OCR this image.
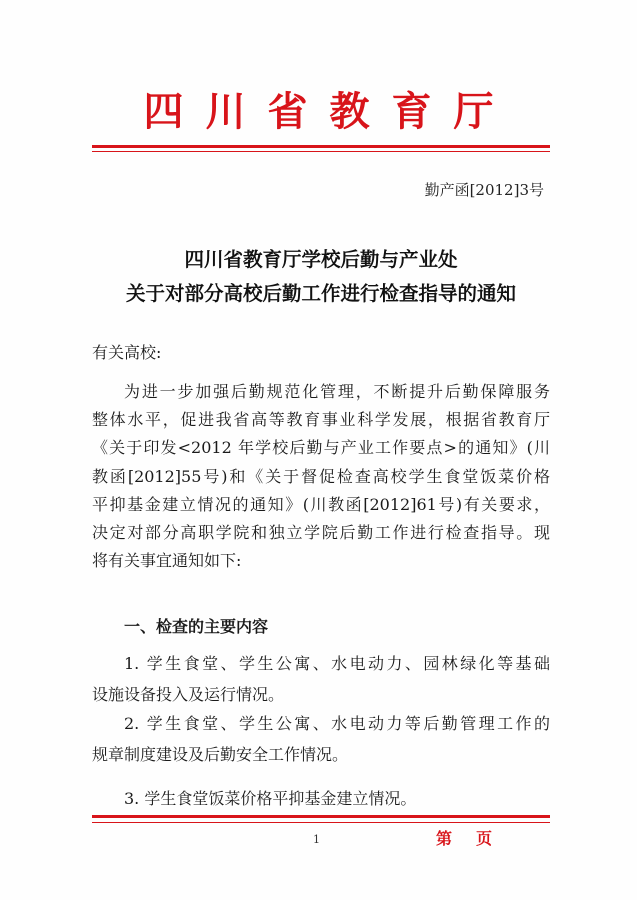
四川省教育厅
勤产函[2012]3号
四川省教育厅学校后勤与产业处
关于对部分高校后勤工作进行检查指导的通知
有关高校:
为进一步加强后勤规范化管理，不断提升后勤保障服务
整体水平，促进我省高等教育事业科学发展，根据省教育厅
《关于印发<2012 年学校后勤与产业工作要点>的通知》(川
教函[2012]55号)和《关于督促检查高校学生食堂饭菜价格
平抑基金建立情况的通知》(川教函[2012]61号)有关要求，
决定对部分高职学院和独立学院后勤工作进行检查指导。现
将有关事宜通知如下:
一、检查的主要内容
1. 学生食堂、学生公寓、水电动力、园林绿化等基础
设施设备投入及运行情况。
2. 学生食堂、学生公寓、水电动力等后勤管理工作的
规章制度建设及后勤安全工作情况。
3. 学生食堂饭菜价格平抑基金建立情况。
1	第页
